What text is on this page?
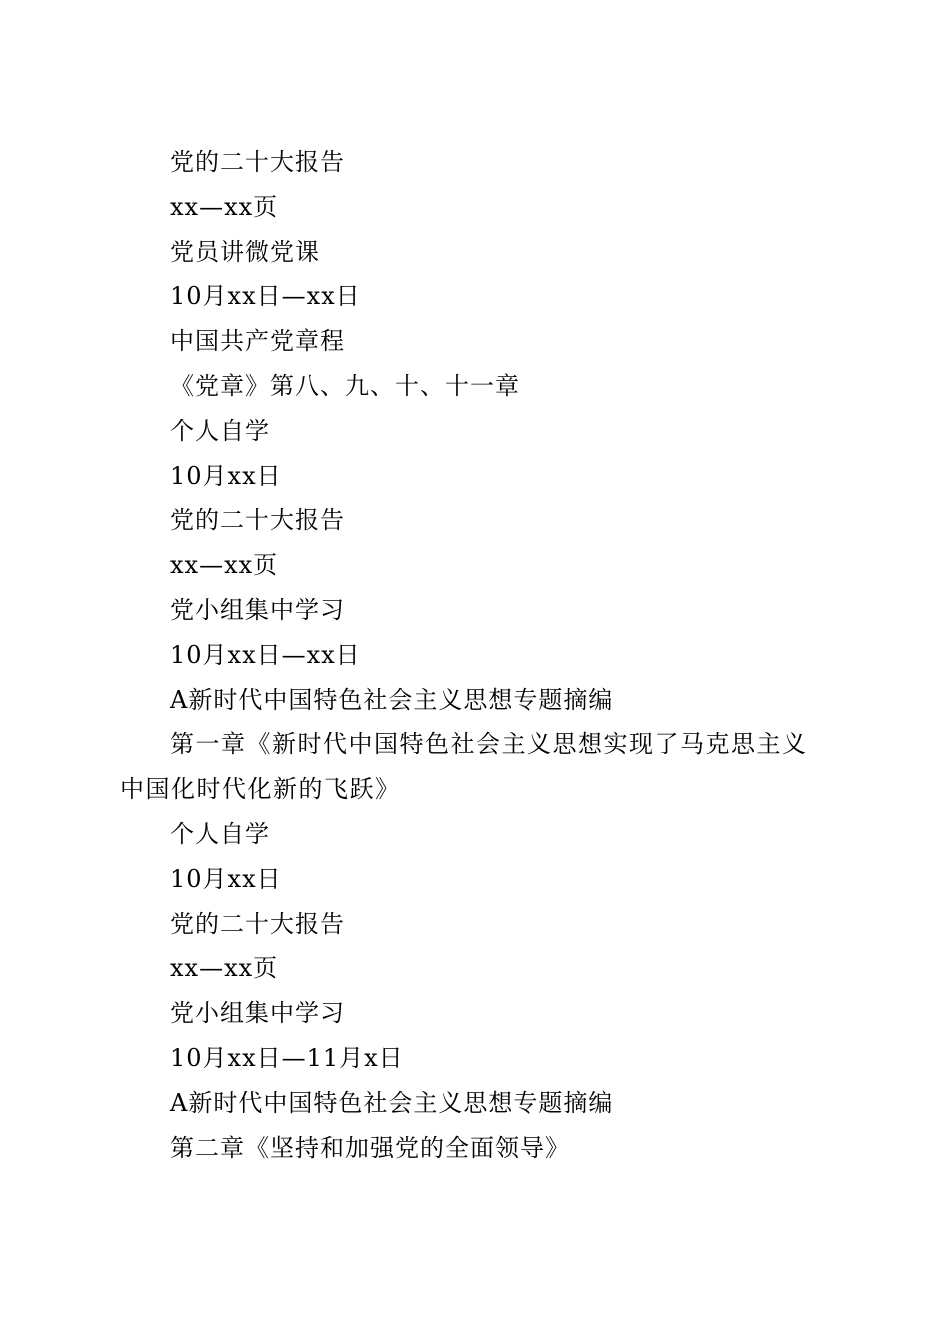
党的二十大报告
xx—xx页
党员讲微党课
10月xx日—xx日
中国共产党章程
《党章》第八、九、十、十一章
个人自学
10月xx日
党的二十大报告
xx—xx页
党小组集中学习
10月xx日—xx日
A新时代中国特色社会主义思想专题摘编
第一章《新时代中国特色社会主义思想实现了马克思主义中国化时代化新的飞跃》
个人自学
10月xx日
党的二十大报告
xx—xx页
党小组集中学习
10月xx日—11月x日
A新时代中国特色社会主义思想专题摘编
第二章《坚持和加强党的全面领导》
